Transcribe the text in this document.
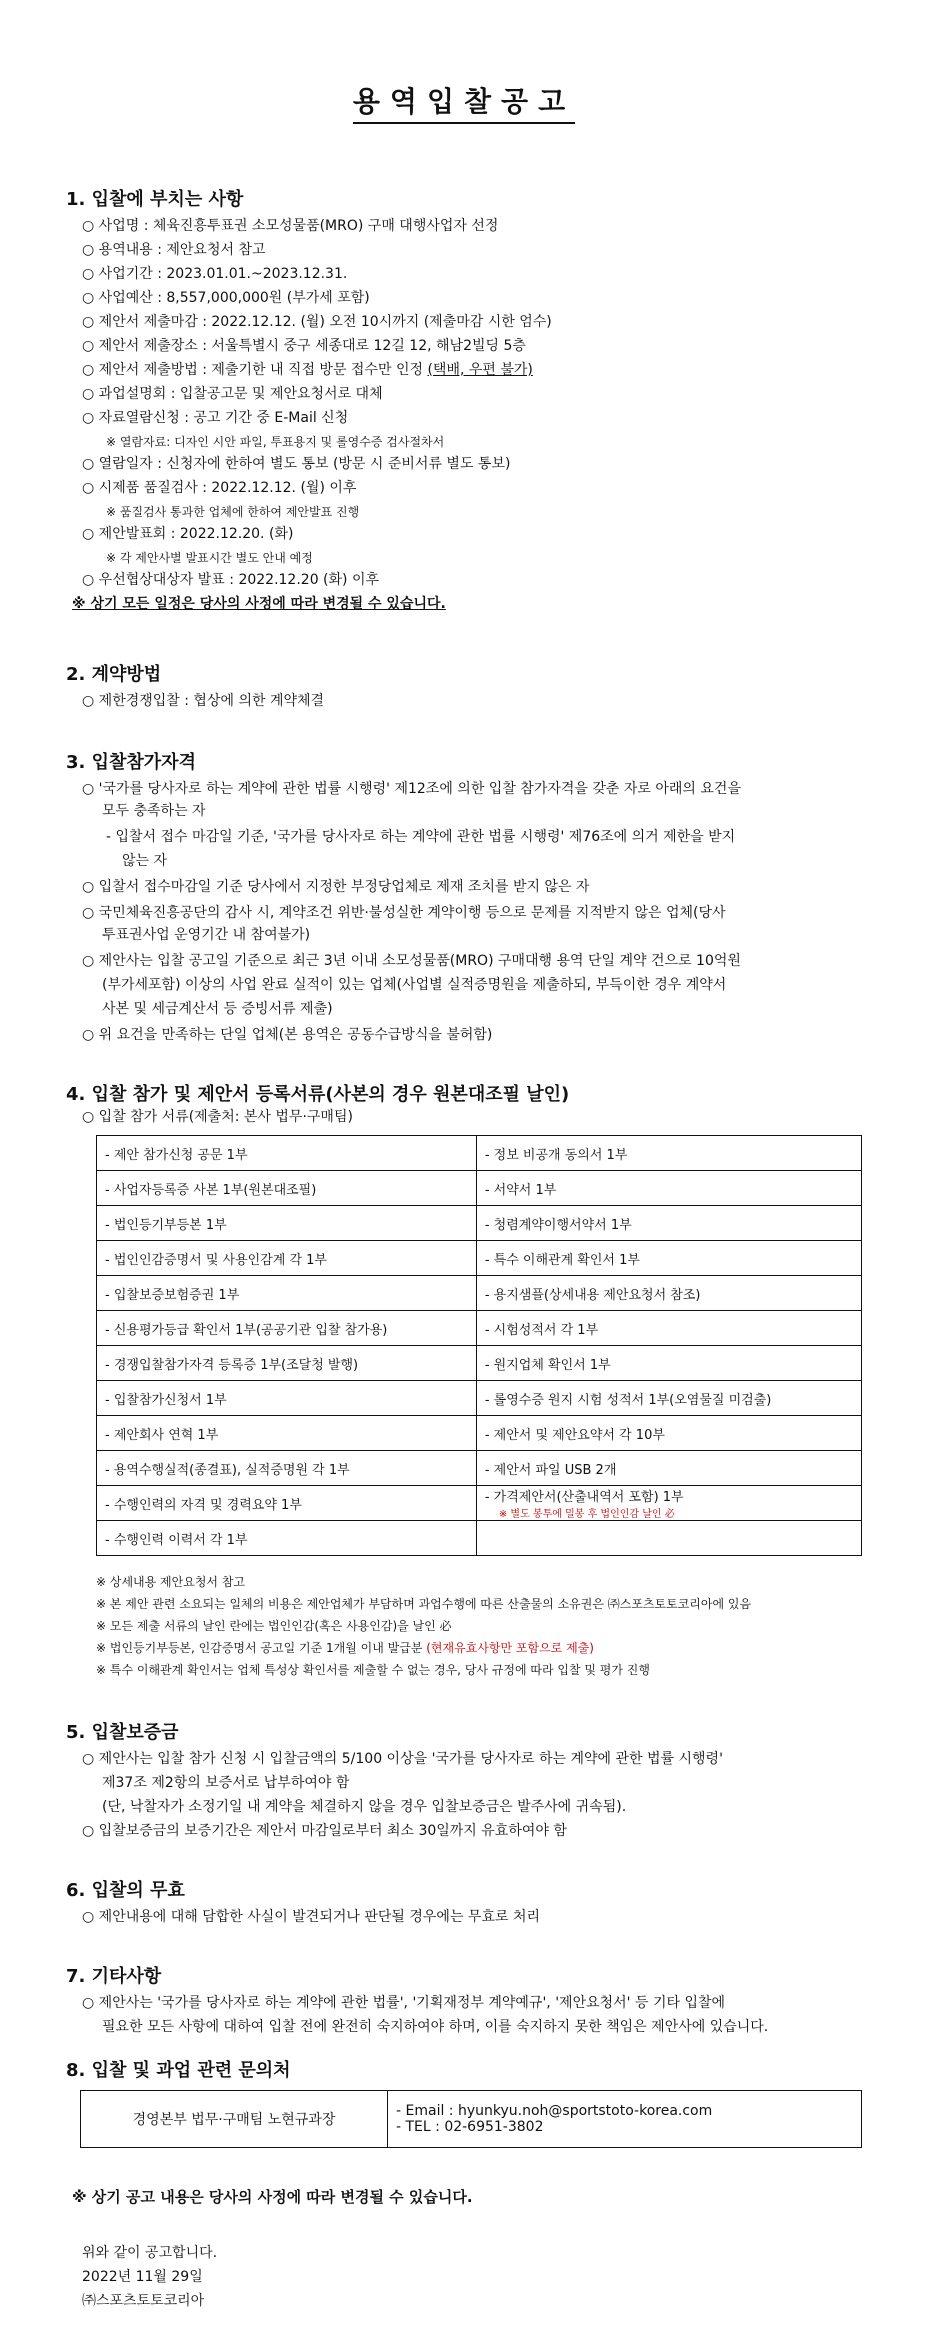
용역입찰공고
1. 입찰에 부치는 사항
○ 사업명 : 체육진흥투표권 소모성물품(MRO) 구매 대행사업자 선정
○ 용역내용 : 제안요청서 참고
○ 사업기간 : 2023.01.01.~2023.12.31.
○ 사업예산 : 8,557,000,000원 (부가세 포함)
○ 제안서 제출마감 : 2022.12.12. (월) 오전 10시까지 (제출마감 시한 엄수)
○ 제안서 제출장소 : 서울특별시 중구 세종대로 12길 12, 해남2빌딩 5층
○ 제안서 제출방법 : 제출기한 내 직접 방문 접수만 인정 (택배, 우편 불가)
○ 과업설명회 : 입찰공고문 및 제안요청서로 대체
○ 자료열람신청 : 공고 기간 중 E-Mail 신청
※ 열람자료: 디자인 시안 파일, 투표용지 및 롤영수증 검사절차서
○ 열람일자 : 신청자에 한하여 별도 통보 (방문 시 준비서류 별도 통보)
○ 시제품 품질검사 : 2022.12.12. (월) 이후
※ 품질검사 통과한 업체에 한하여 제안발표 진행
○ 제안발표회 : 2022.12.20. (화)
※ 각 제안사별 발표시간 별도 안내 예정
○ 우선협상대상자 발표 : 2022.12.20 (화) 이후
※ 상기 모든 일정은 당사의 사정에 따라 변경될 수 있습니다.
2. 계약방법
○ 제한경쟁입찰 : 협상에 의한 계약체결
3. 입찰참가자격
○ '국가를 당사자로 하는 계약에 관한 법률 시행령' 제12조에 의한 입찰 참가자격을 갖춘 자로 아래의 요건을
모두 충족하는 자
- 입찰서 접수 마감일 기준, '국가를 당사자로 하는 계약에 관한 법률 시행령' 제76조에 의거 제한을 받지
않는 자
○ 입찰서 접수마감일 기준 당사에서 지정한 부정당업체로 제재 조치를 받지 않은 자
○ 국민체육진흥공단의 감사 시, 계약조건 위반·불성실한 계약이행 등으로 문제를 지적받지 않은 업체(당사
투표권사업 운영기간 내 참여불가)
○ 제안사는 입찰 공고일 기준으로 최근 3년 이내 소모성물품(MRO) 구매대행 용역 단일 계약 건으로 10억원
(부가세포함) 이상의 사업 완료 실적이 있는 업체(사업별 실적증명원을 제출하되, 부득이한 경우 계약서
사본 및 세금계산서 등 증빙서류 제출)
○ 위 요건을 만족하는 단일 업체(본 용역은 공동수급방식을 불허함)
4. 입찰 참가 및 제안서 등록서류(사본의 경우 원본대조필 날인)
○ 입찰 참가 서류(제출처: 본사 법무·구매팀)
- 제안 참가신청 공문 1부	- 정보 비공개 동의서 1부
- 사업자등록증 사본 1부(원본대조필)	- 서약서 1부
- 법인등기부등본 1부	- 청렴계약이행서약서 1부
- 법인인감증명서 및 사용인감계 각 1부	- 특수 이해관계 확인서 1부
- 입찰보증보험증권 1부	- 용지샘플(상세내용 제안요청서 참조)
- 신용평가등급 확인서 1부(공공기관 입찰 참가용)	- 시험성적서 각 1부
- 경쟁입찰참가자격 등록증 1부(조달청 발행)	- 원지업체 확인서 1부
- 입찰참가신청서 1부	- 롤영수증 원지 시험 성적서 1부(오염물질 미검출)
- 제안회사 연혁 1부	- 제안서 및 제안요약서 각 10부
- 용역수행실적(종결표), 실적증명원 각 1부	- 제안서 파일 USB 2개
- 수행인력의 자격 및 경력요약 1부	- 가격제안서(산출내역서 포함) 1부
※ 별도 봉투에 밀봉 후 법인인감 날인 必

- 수행인력 이력서 각 1부	
※ 상세내용 제안요청서 참고
※ 본 제안 관련 소요되는 일체의 비용은 제안업체가 부담하며 과업수행에 따른 산출물의 소유권은 ㈜스포츠토토코리아에 있음
※ 모든 제출 서류의 날인 란에는 법인인감(혹은 사용인감)을 날인 必
※ 법인등기부등본, 인감증명서 공고일 기준 1개월 이내 발급분 (현재유효사항만 포함으로 제출)
※ 특수 이해관계 확인서는 업체 특성상 확인서를 제출할 수 없는 경우, 당사 규정에 따라 입찰 및 평가 진행
5. 입찰보증금
○ 제안사는 입찰 참가 신청 시 입찰금액의 5/100 이상을 '국가를 당사자로 하는 계약에 관한 법률 시행령'
제37조 제2항의 보증서로 납부하여야 함
(단, 낙찰자가 소정기일 내 계약을 체결하지 않을 경우 입찰보증금은 발주사에 귀속됨).
○ 입찰보증금의 보증기간은 제안서 마감일로부터 최소 30일까지 유효하여야 함
6. 입찰의 무효
○ 제안내용에 대해 담합한 사실이 발견되거나 판단될 경우에는 무효로 처리
7. 기타사항
○ 제안사는 '국가를 당사자로 하는 계약에 관한 법률', '기획재정부 계약예규', '제안요청서' 등 기타 입찰에
필요한 모든 사항에 대하여 입찰 전에 완전히 숙지하여야 하며, 이를 숙지하지 못한 책임은 제안사에 있습니다.
8. 입찰 및 과업 관련 문의처
경영본부 법무·구매팀 노현규과장	
- Email : hyunkyu.noh@sportstoto-korea.com
- TEL : 02-6951-3802
※ 상기 공고 내용은 당사의 사정에 따라 변경될 수 있습니다.
위와 같이 공고합니다.
2022년 11월 29일
㈜스포츠토토코리아
